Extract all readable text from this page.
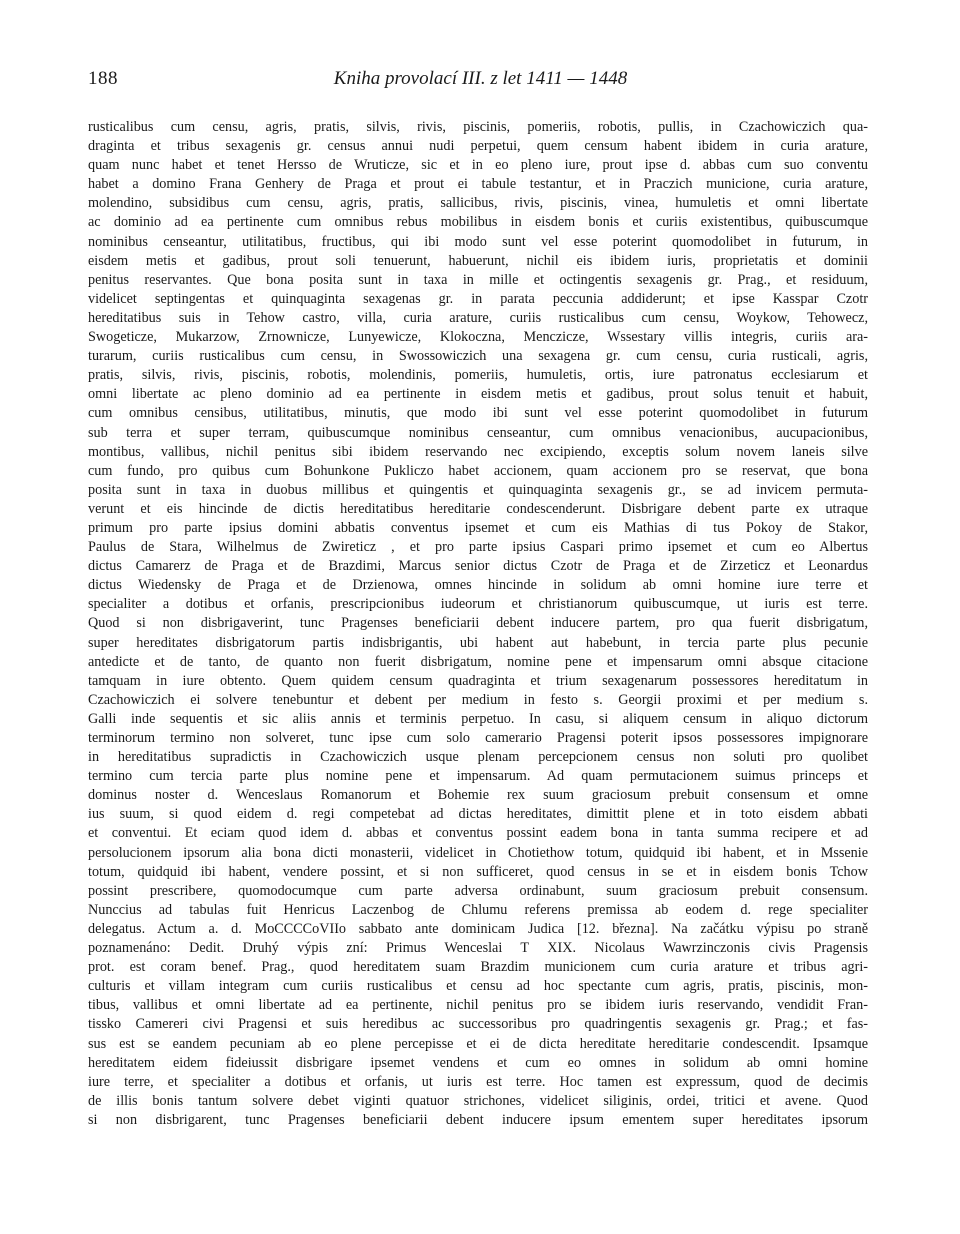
188	Kniha provolací III. z let 1411 — 1448
rusticalibus cum censu, agris, pratis, silvis, rivis, piscinis, pomeriis, robotis, pullis, in Czachowiczich qua-
draginta et tribus sexagenis gr. census annui nudi perpetui, quem censum habent ibidem in curia arature,
quam nunc habet et tenet Hersso de Wruticze, sic et in eo pleno iure, prout ipse d. abbas cum suo conventu
habet a domino Frana Genhery de Praga et prout ei tabule testantur, et in Praczich municione, curia arature,
molendino, subsidibus cum censu, agris, pratis, sallicibus, rivis, piscinis, vinea, humuletis et omni libertate
ac dominio ad ea pertinente cum omnibus rebus mobilibus in eisdem bonis et curiis existentibus, quibuscumque
nominibus censeantur, utilitatibus, fructibus, qui ibi modo sunt vel esse poterint quomodolibet in futurum, in
eisdem metis et gadibus, prout soli tenuerunt, habuerunt, nichil eis ibidem iuris, proprietatis et dominii
penitus reservantes. Que bona posita sunt in taxa in mille et octingentis sexagenis gr. Prag., et residuum,
videlicet septingentas et quinquaginta sexagenas gr. in parata peccunia addiderunt; et ipse Kasspar Czotr
hereditatibus suis in Tehow castro, villa, curia arature, curiis rusticalibus cum censu, Woykow, Tehowecz,
Swogeticze, Mukarzow, Zrnownicze, Lunyewicze, Klokoczna, Menczicze, Wssestary villis integris, curiis ara-
turarum, curiis rusticalibus cum censu, in Swossowiczich una sexagena gr. cum censu, curia rusticali, agris,
pratis, silvis, rivis, piscinis, robotis, molendinis, pomeriis, humuletis, ortis, iure patronatus ecclesiarum et
omni libertate ac pleno dominio ad ea pertinente in eisdem metis et gadibus, prout solus tenuit et habuit,
cum omnibus censibus, utilitatibus, minutis, que modo ibi sunt vel esse poterint quomodolibet in futurum
sub terra et super terram, quibuscumque nominibus censeantur, cum omnibus venacionibus, aucupacionibus,
montibus, vallibus, nichil penitus sibi ibidem reservando nec excipiendo, exceptis solum novem laneis silve
cum fundo, pro quibus cum Bohunkone Pukliczo habet accionem, quam accionem pro se reservat, que bona
posita sunt in taxa in duobus millibus et quingentis et quinquaginta sexagenis gr., se ad invicem permuta-
verunt et eis hincinde de dictis hereditatibus hereditarie condescenderunt. Disbrigare debent parte ex utraque
primum pro parte ipsius domini abbatis conventus ipsemet et cum eis Mathias di tus Pokoy de Stakor,
Paulus de Stara, Wilhelmus de Zwireticz , et pro parte ipsius Caspari primo ipsemet et cum eo Albertus
dictus Camarerz de Praga et de Brazdimi, Marcus senior dictus Czotr de Praga et de Zirzeticz et Leonardus
dictus Wiedensky de Praga et de Drzienowa, omnes hincinde in solidum ab omni homine iure terre et
specialiter a dotibus et orfanis, prescripcionibus iudeorum et christianorum quibuscumque, ut iuris est terre.
Quod si non disbrigaverint, tunc Pragenses beneficiarii debent inducere partem, pro qua fuerit disbrigatum,
super hereditates disbrigatorum partis indisbrigantis, ubi habent aut habebunt, in tercia parte plus pecunie
antedicte et de tanto, de quanto non fuerit disbrigatum, nomine pene et impensarum omni absque citacione
tamquam in iure obtento. Quem quidem censum quadraginta et trium sexagenarum possessores hereditatum in
Czachowiczich ei solvere tenebuntur et debent per medium in festo s. Georgii proximi et per medium s.
Galli inde sequentis et sic aliis annis et terminis perpetuo. In casu, si aliquem censum in aliquo dictorum
terminorum termino non solveret, tunc ipse cum solo camerario Pragensi poterit ipsos possessores impignorare
in hereditatibus supradictis in Czachowiczich usque plenam percepcionem census non soluti pro quolibet
termino cum tercia parte plus nomine pene et impensarum. Ad quam permutacionem suimus princeps et
dominus noster d. Wenceslaus Romanorum et Bohemie rex suum graciosum prebuit consensum et omne
ius suum, si quod eidem d. regi competebat ad dictas hereditates, dimittit plene et in toto eisdem abbati
et conventui. Et eciam quod idem d. abbas et conventus possint eadem bona in tanta summa recipere et ad
persolucionem ipsorum alia bona dicti monasterii, videlicet in Chotiethow totum, quidquid ibi habent, et in Mssenie
totum, quidquid ibi habent, vendere possint, et si non sufficeret, quod census in se et in eisdem bonis Tchow
possint prescribere, quomodocumque cum parte adversa ordinabunt, suum graciosum prebuit consensum.
Nunccius ad tabulas fuit Henricus Laczenbog de Chlumu referens premissa ab eodem d. rege specialiter
delegatus. Actum a. d. MoCCCCoVIIo sabbato ante dominicam Judica [12. března]. Na začátku výpisu po straně
poznamenáno: Dedit. Druhý výpis zní: Primus Wenceslai T XIX. Nicolaus Wawrzinczonis civis Pragensis
prot. est coram benef. Prag., quod hereditatem suam Brazdim municionem cum curia arature et tribus agri-
culturis et villam integram cum curiis rusticalibus et censu ad hoc spectante cum agris, pratis, piscinis, mon-
tibus, vallibus et omni libertate ad ea pertinente, nichil penitus pro se ibidem iuris reservando, vendidit Fran-
tissko Camereri civi Pragensi et suis heredibus ac successoribus pro quadringentis sexagenis gr. Prag.; et fas-
sus est se eandem pecuniam ab eo plene percepisse et ei de dicta hereditate hereditarie condescendit. Ipsamque
hereditatem eidem fideiussit disbrigare ipsemet vendens et cum eo omnes in solidum ab omni homine
iure terre, et specialiter a dotibus et orfanis, ut iuris est terre. Hoc tamen est expressum, quod de decimis
de illis bonis tantum solvere debet viginti quatuor strichones, videlicet siliginis, ordei, tritici et avene. Quod
si non disbrigarent, tunc Pragenses beneficiarii debent inducere ipsum ementem super hereditates ipsorum
